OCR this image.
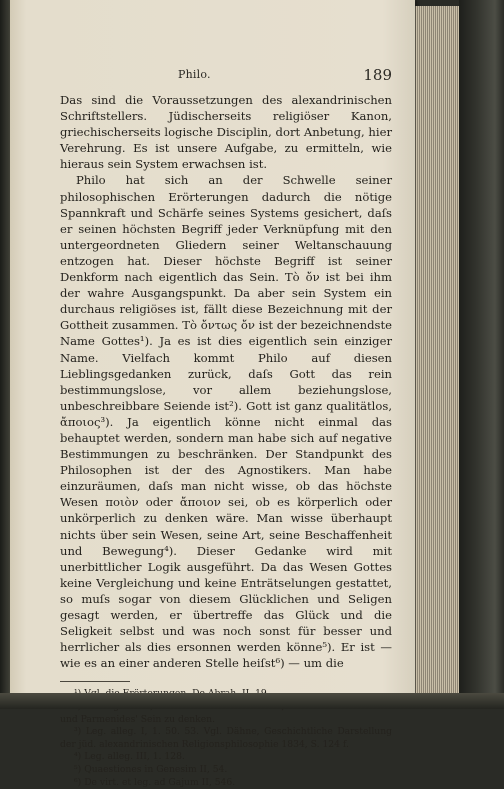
Philo.	189

Das sind die Voraussetzungen des alexandrinischen Schriftstellers. Jüdischerseits religiöser Kanon, griechischerseits logische Disciplin, dort Anbetung, hier Verehrung. Es ist unsere Aufgabe, zu ermitteln, wie hieraus sein System erwachsen ist.

Philo hat sich an der Schwelle seiner philosophischen Erörterungen dadurch die nötige Spannkraft und Schärfe seines Systems gesichert, daſs er seinen höchsten Begriff jeder Verknüpfung mit den untergeordneten Gliedern seiner Weltanschauung entzogen hat. Dieser höchste Begriff ist seiner Denkform nach eigentlich das Sein. Τὸ ὄν ist bei ihm der wahre Ausgangspunkt. Da aber sein System ein durchaus religiöses ist, fällt diese Bezeichnung mit der Gottheit zusammen. Τὸ ὄντως ὄν ist der bezeichnendste Name Gottes¹). Ja es ist dies eigentlich sein einziger Name. Vielfach kommt Philo auf diesen Lieblingsgedanken zurück, daſs Gott das rein bestimmungslose, vor allem beziehungslose, unbeschreibbare Seiende ist²). Gott ist ganz qualitätlos, ἄποιος³). Ja eigentlich könne nicht einmal das behauptet werden, sondern man habe sich auf negative Bestimmungen zu beschränken. Der Standpunkt des Philosophen ist der des Agnostikers. Man habe einzuräumen, daſs man nicht wisse, ob das höchste Wesen ποιὸν oder ἄποιον sei, ob es körperlich oder unkörperlich zu denken wäre. Man wisse überhaupt nichts über sein Wesen, seine Art, seine Beschaffenheit und Bewegung⁴). Dieser Gedanke wird mit unerbittlicher Logik ausgeführt. Da das Wesen Gottes keine Vergleichung und keine Enträtselungen gestattet, so muſs sogar von diesem Glücklichen und Seligen gesagt werden, er übertreffe das Glück und die Seligkeit selbst und was noch sonst für besser und herrlicher als dies ersonnen werden könne⁵). Er ist — wie es an einer anderen Stelle heiſst⁶) — um die

und Parmenides' Sein zu denken.

³) Leg. alleg. I, 1. 50. 53. Vgl. Dähne, Geschichtliche Darstellung der jüd. alexandrinischen Religionsphilosophie 1834, S. 124 f.

⁴) Leg. alleg. III, 1. 128.

⁵) Quaestiones in Genesim II, 54.

⁶) De virt. et leg. ad Gajum II, 546.
